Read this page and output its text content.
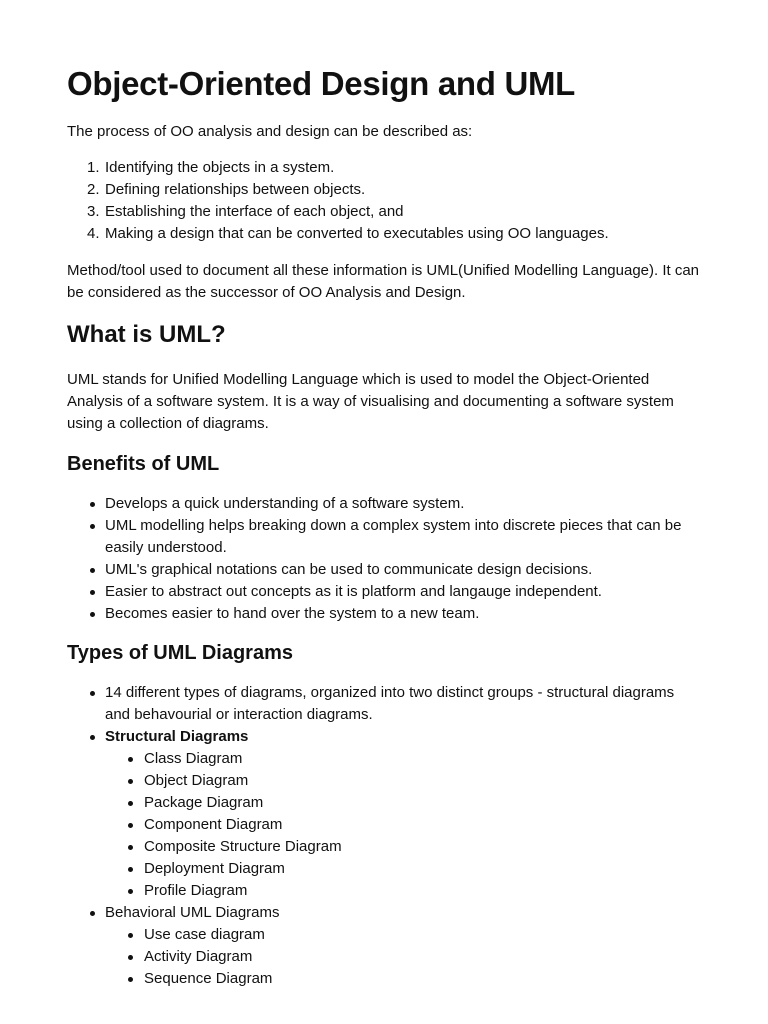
Object-Oriented Design and UML

The process of OO analysis and design can be described as:

1. Identifying the objects in a system.
2. Defining relationships between objects.
3. Establishing the interface of each object, and
4. Making a design that can be converted to executables using OO languages.

Method/tool used to document all these information is UML(Unified Modelling Language). It can be considered as the successor of OO Analysis and Design.

What is UML?

UML stands for Unified Modelling Language which is used to model the Object-Oriented Analysis of a software system. It is a way of visualising and documenting a software system using a collection of diagrams.

Benefits of UML
Develops a quick understanding of a software system.
UML modelling helps breaking down a complex system into discrete pieces that can be easily understood.
UML's graphical notations can be used to communicate design decisions.
Easier to abstract out concepts as it is platform and langauge independent.
Becomes easier to hand over the system to a new team.
Types of UML Diagrams
14 different types of diagrams, organized into two distinct groups - structural diagrams and behavourial or interaction diagrams.
Structural Diagrams
Class Diagram
Object Diagram
Package Diagram
Component Diagram
Composite Structure Diagram
Deployment Diagram
Profile Diagram
Behavioral UML Diagrams
Use case diagram
Activity Diagram
Sequence Diagram
